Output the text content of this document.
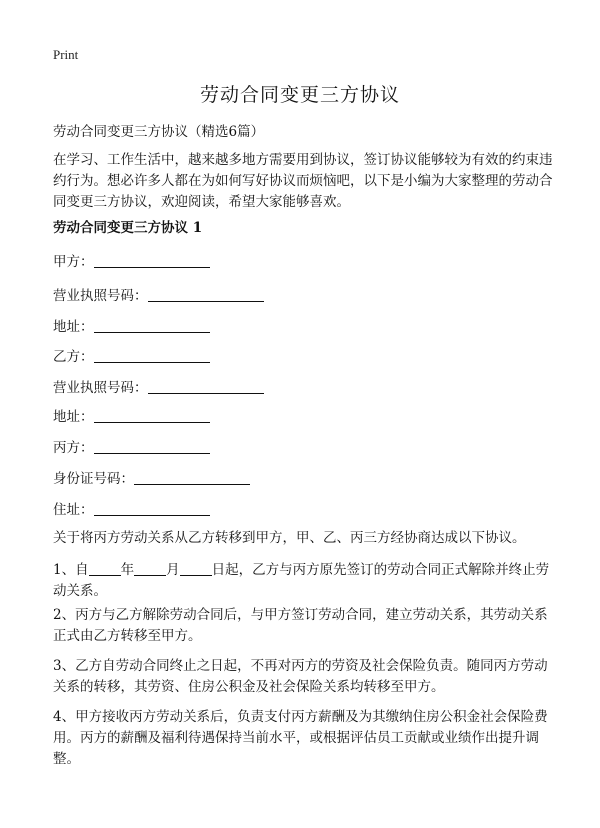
Print
劳动合同变更三方协议
劳动合同变更三方协议（精选6篇）

在学习、工作生活中，越来越多地方需要用到协议，签订协议能够较为有效的约束违约行为。想必许多人都在为如何写好协议而烦恼吧，以下是小编为大家整理的劳动合同变更三方协议，欢迎阅读，希望大家能够喜欢。

劳动合同变更三方协议 1
甲方：
营业执照号码：
地址：
乙方：
营业执照号码：
地址：
丙方：
身份证号码：
住址：

关于将丙方劳动关系从乙方转移到甲方，甲、乙、丙三方经协商达成以下协议。

1、自 年 月 日起，乙方与丙方原先签订的劳动合同正式解除并终止劳动关系。

2、丙方与乙方解除劳动合同后，与甲方签订劳动合同，建立劳动关系，其劳动关系正式由乙方转移至甲方。

3、乙方自劳动合同终止之日起，不再对丙方的劳资及社会保险负责。随同丙方劳动关系的转移，其劳资、住房公积金及社会保险关系均转移至甲方。

4、甲方接收丙方劳动关系后，负责支付丙方薪酬及为其缴纳住房公积金社会保险费用。丙方的薪酬及福利待遇保持当前水平，或根据评估员工贡献或业绩作出提升调整。
